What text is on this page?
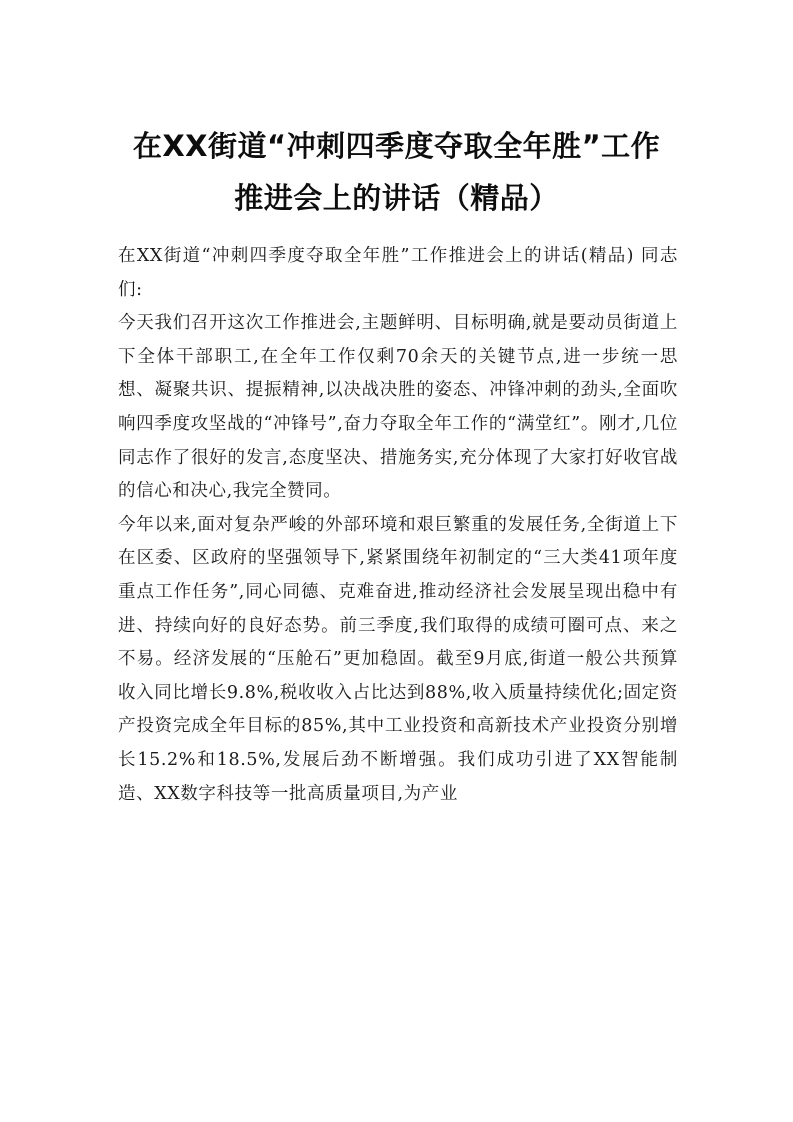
在XX街道“冲刺四季度夺取全年胜”工作
推进会上的讲话（精品）

在XX街道“冲刺四季度夺取全年胜”工作推进会上的讲话(精品) 同志们:

今天我们召开这次工作推进会,主题鲜明、目标明确,就是要动员街道上下全体干部职工,在全年工作仅剩70余天的关键节点,进一步统一思想、凝聚共识、提振精神,以决战决胜的姿态、冲锋冲刺的劲头,全面吹响四季度攻坚战的“冲锋号”,奋力夺取全年工作的“满堂红”。刚才,几位同志作了很好的发言,态度坚决、措施务实,充分体现了大家打好收官战的信心和决心,我完全赞同。

今年以来,面对复杂严峻的外部环境和艰巨繁重的发展任务,全街道上下在区委、区政府的坚强领导下,紧紧围绕年初制定的“三大类41项年度重点工作任务”,同心同德、克难奋进,推动经济社会发展呈现出稳中有进、持续向好的良好态势。前三季度,我们取得的成绩可圈可点、来之不易。经济发展的“压舱石”更加稳固。截至9月底,街道一般公共预算收入同比增长9.8%,税收收入占比达到88%,收入质量持续优化;固定资产投资完成全年目标的85%,其中工业投资和高新技术产业投资分别增长15.2%和18.5%,发展后劲不断增强。我们成功引进了XX智能制造、XX数字科技等一批高质量项目,为产业
